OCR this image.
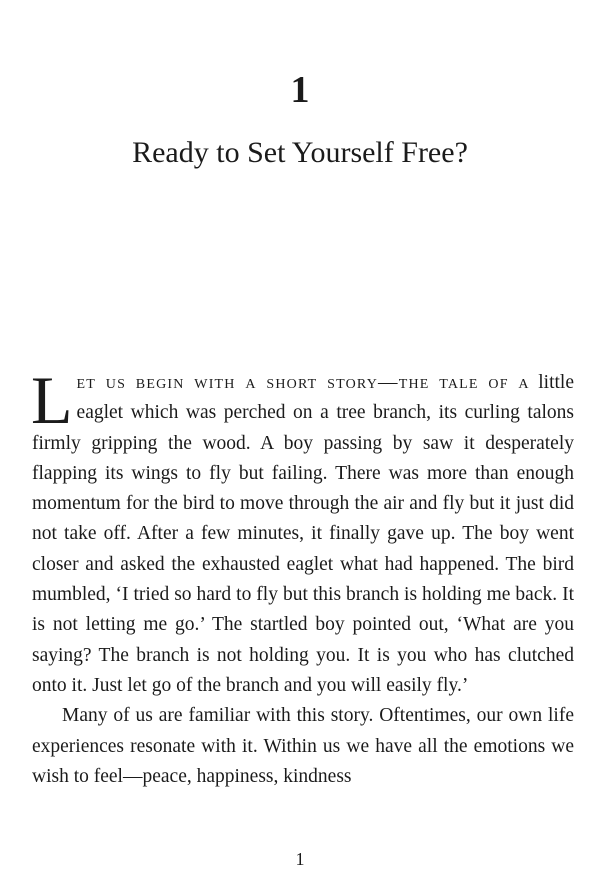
1
Ready to Set Yourself Free?

Let us begin with a short story—the tale of a little eaglet which was perched on a tree branch, its curling talons firmly gripping the wood. A boy passing by saw it desperately flapping its wings to fly but failing. There was more than enough momentum for the bird to move through the air and fly but it just did not take off. After a few minutes, it finally gave up. The boy went closer and asked the exhausted eaglet what had happened. The bird mumbled, ‘I tried so hard to fly but this branch is holding me back. It is not letting me go.’ The startled boy pointed out, ‘What are you saying? The branch is not holding you. It is you who has clutched onto it. Just let go of the branch and you will easily fly.’

Many of us are familiar with this story. Oftentimes, our own life experiences resonate with it. Within us we have all the emotions we wish to feel—peace, happiness, kindness

1
